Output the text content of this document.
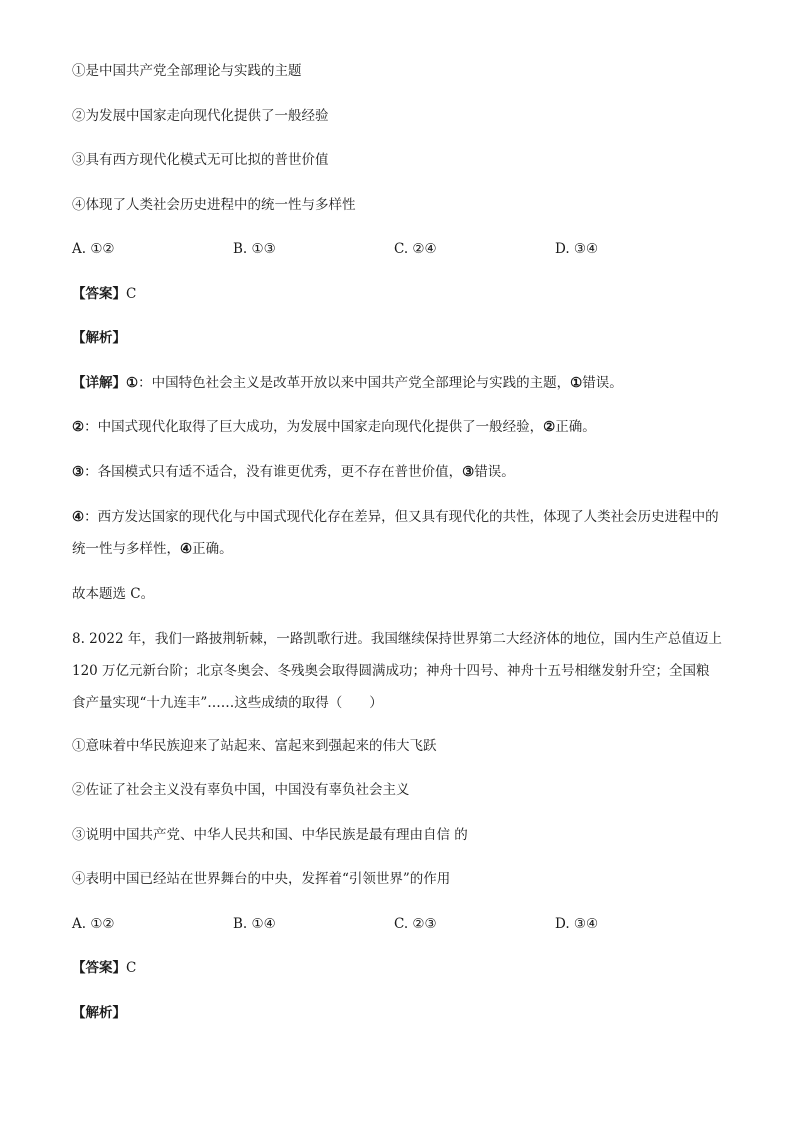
①是中国共产党全部理论与实践的主题

②为发展中国家走向现代化提供了一般经验

③具有西方现代化模式无可比拟的普世价值

④体现了人类社会历史进程中的统一性与多样性

A. ①②	B. ①③	C. ②④	D. ③④

【答案】C

【解析】

【详解】①：中国特色社会主义是改革开放以来中国共产党全部理论与实践的主题，①错误。

②：中国式现代化取得了巨大成功，为发展中国家走向现代化提供了一般经验，②正确。

③：各国模式只有适不适合，没有谁更优秀，更不存在普世价值，③错误。

④：西方发达国家的现代化与中国式现代化存在差异，但又具有现代化的共性，体现了人类社会历史进程中的统一性与多样性，④正确。

故本题选 C。

8. 2022 年，我们一路披荆斩棘，一路凯歌行进。我国继续保持世界第二大经济体的地位，国内生产总值迈上 120 万亿元新台阶；北京冬奥会、冬残奥会取得圆满成功；神舟十四号、神舟十五号相继发射升空；全国粮食产量实现“十九连丰”……这些成绩的取得（　　）

①意味着中华民族迎来了站起来、富起来到强起来的伟大飞跃

②佐证了社会主义没有辜负中国，中国没有辜负社会主义

③说明中国共产党、中华人民共和国、中华民族是最有理由自信 的

④表明中国已经站在世界舞台的中央，发挥着“引领世界”的作用

A. ①②	B. ①④	C. ②③	D. ③④

【答案】C

【解析】
